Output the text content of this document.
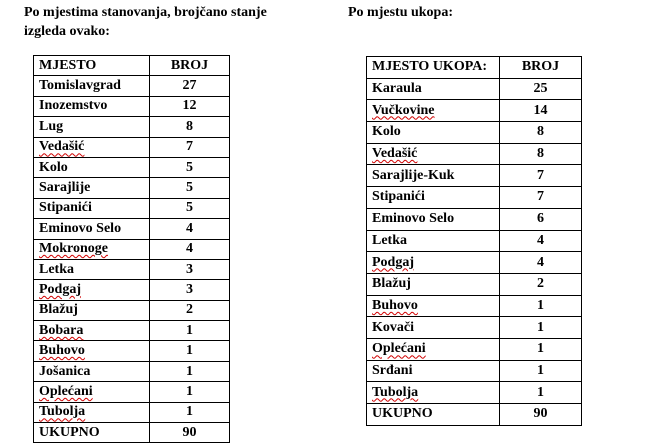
Po mjestima stanovanja, brojčano stanje izgleda ovako:

Po mjestu ukopa:

MJESTO	BROJ
Tomislavgrad	27
Inozemstvo	12
Lug	8
Vedašić	7
Kolo	5
Sarajlije	5
Stipanići	5
Eminovo Selo	4
Mokronoge	4
Letka	3
Podgaj	3
Blažuj	2
Bobara	1
Buhovo	1
Jošanica	1
Oplećani	1
Tubolja	1
UKUPNO	90
MJESTO UKOPA:	BROJ
Karaula	25
Vučkovine	14
Kolo	8
Vedašić	8
Sarajlije-Kuk	7
Stipanići	7
Eminovo Selo	6
Letka	4
Podgaj	4
Blažuj	2
Buhovo	1
Kovači	1
Oplećani	1
Srđani	1
Tubolja	1
UKUPNO	90
